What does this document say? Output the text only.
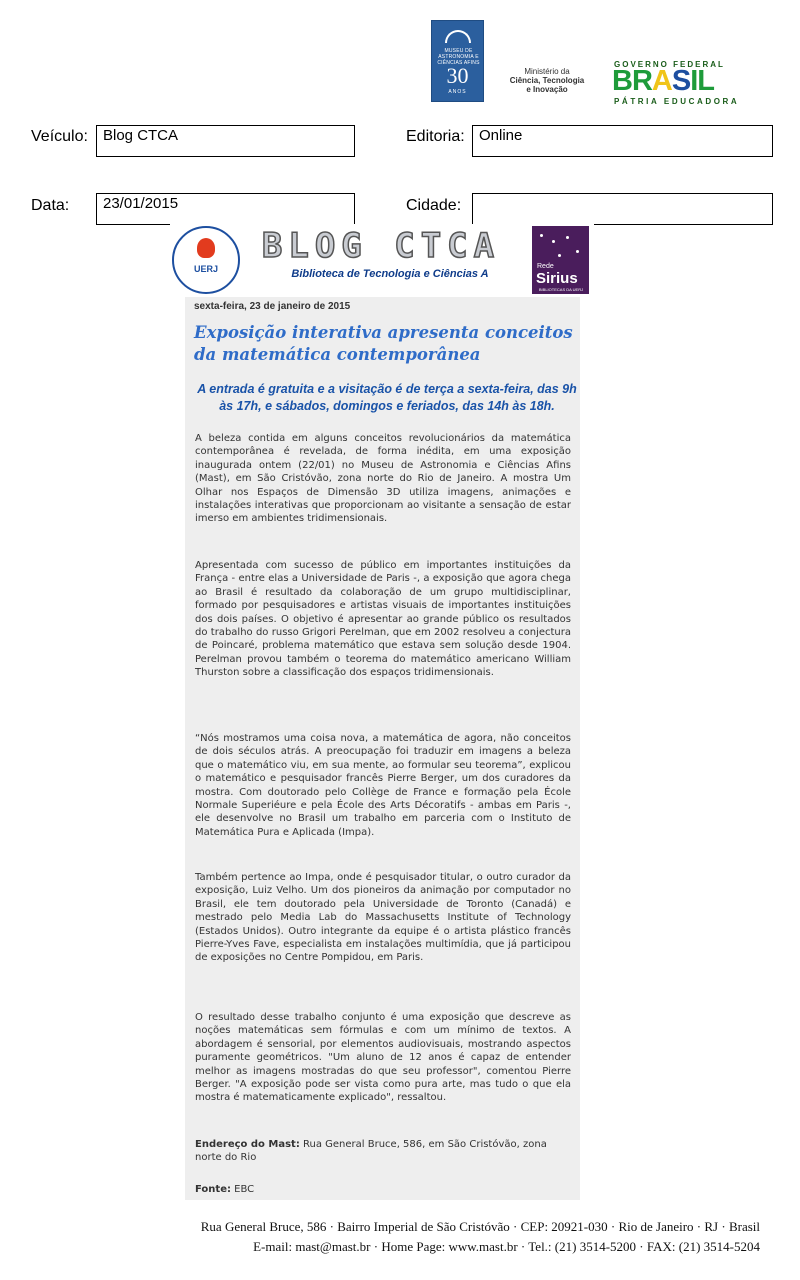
MUSEU DE ASTRONOMIA E CIÊNCIAS AFINS
30
ANOS
Ministério da
Ciência, Tecnologia
e Inovação
GOVERNO FEDERAL
BRASIL
PÁTRIA EDUCADORA
Veículo:	Blog CTCA	Editoria: Online
Data:	23/01/2015	Cidade:
UERJ
BLOG CTCA
Biblioteca de Tecnologia e Ciências A
Rede
Sirius
BIBLIOTECAS DA UERJ
sexta-feira, 23 de janeiro de 2015
Exposição interativa apresenta conceitos da matemática contemporânea
A entrada é gratuita e a visitação é de terça a sexta-feira, das 9h às 17h, e sábados, domingos e feriados, das 14h às 18h.
A beleza contida em alguns conceitos revolucionários da matemática contemporânea é revelada, de forma inédita, em uma exposição inaugurada ontem (22/01) no Museu de Astronomia e Ciências Afins (Mast), em São Cristóvão, zona norte do Rio de Janeiro. A mostra Um Olhar nos Espaços de Dimensão 3D utiliza imagens, animações e instalações interativas que proporcionam ao visitante a sensação de estar imerso em ambientes tridimensionais.
Apresentada com sucesso de público em importantes instituições da França - entre elas a Universidade de Paris -, a exposição que agora chega ao Brasil é resultado da colaboração de um grupo multidisciplinar, formado por pesquisadores e artistas visuais de importantes instituições dos dois países. O objetivo é apresentar ao grande público os resultados do trabalho do russo Grigori Perelman, que em 2002 resolveu a conjectura de Poincaré, problema matemático que estava sem solução desde 1904. Perelman provou também o teorema do matemático americano William Thurston sobre a classificação dos espaços tridimensionais.
“Nós mostramos uma coisa nova, a matemática de agora, não conceitos de dois séculos atrás. A preocupação foi traduzir em imagens a beleza que o matemático viu, em sua mente, ao formular seu teorema”, explicou o matemático e pesquisador francês Pierre Berger, um dos curadores da mostra. Com doutorado pelo Collège de France e formação pela École Normale Superiéure e pela École des Arts Décoratifs - ambas em Paris -, ele desenvolve no Brasil um trabalho em parceria com o Instituto de Matemática Pura e Aplicada (Impa).
Também pertence ao Impa, onde é pesquisador titular, o outro curador da exposição, Luiz Velho. Um dos pioneiros da animação por computador no Brasil, ele tem doutorado pela Universidade de Toronto (Canadá) e mestrado pelo Media Lab do Massachusetts Institute of Technology (Estados Unidos). Outro integrante da equipe é o artista plástico francês Pierre-Yves Fave, especialista em instalações multimídia, que já participou de exposições no Centre Pompidou, em Paris.
O resultado desse trabalho conjunto é uma exposição que descreve as noções matemáticas sem fórmulas e com um mínimo de textos. A abordagem é sensorial, por elementos audiovisuais, mostrando aspectos puramente geométricos. "Um aluno de 12 anos é capaz de entender melhor as imagens mostradas do que seu professor", comentou Pierre Berger. "A exposição pode ser vista como pura arte, mas tudo o que ela mostra é matematicamente explicado", ressaltou.
Endereço do Mast: Rua General Bruce, 586, em São Cristóvão, zona norte do Rio
Fonte: EBC
Rua General Bruce, 586 · Bairro Imperial de São Cristóvão · CEP: 20921-030 · Rio de Janeiro · RJ · Brasil
E-mail: mast@mast.br · Home Page: www.mast.br · Tel.: (21) 3514-5200 · FAX: (21) 3514-5204
